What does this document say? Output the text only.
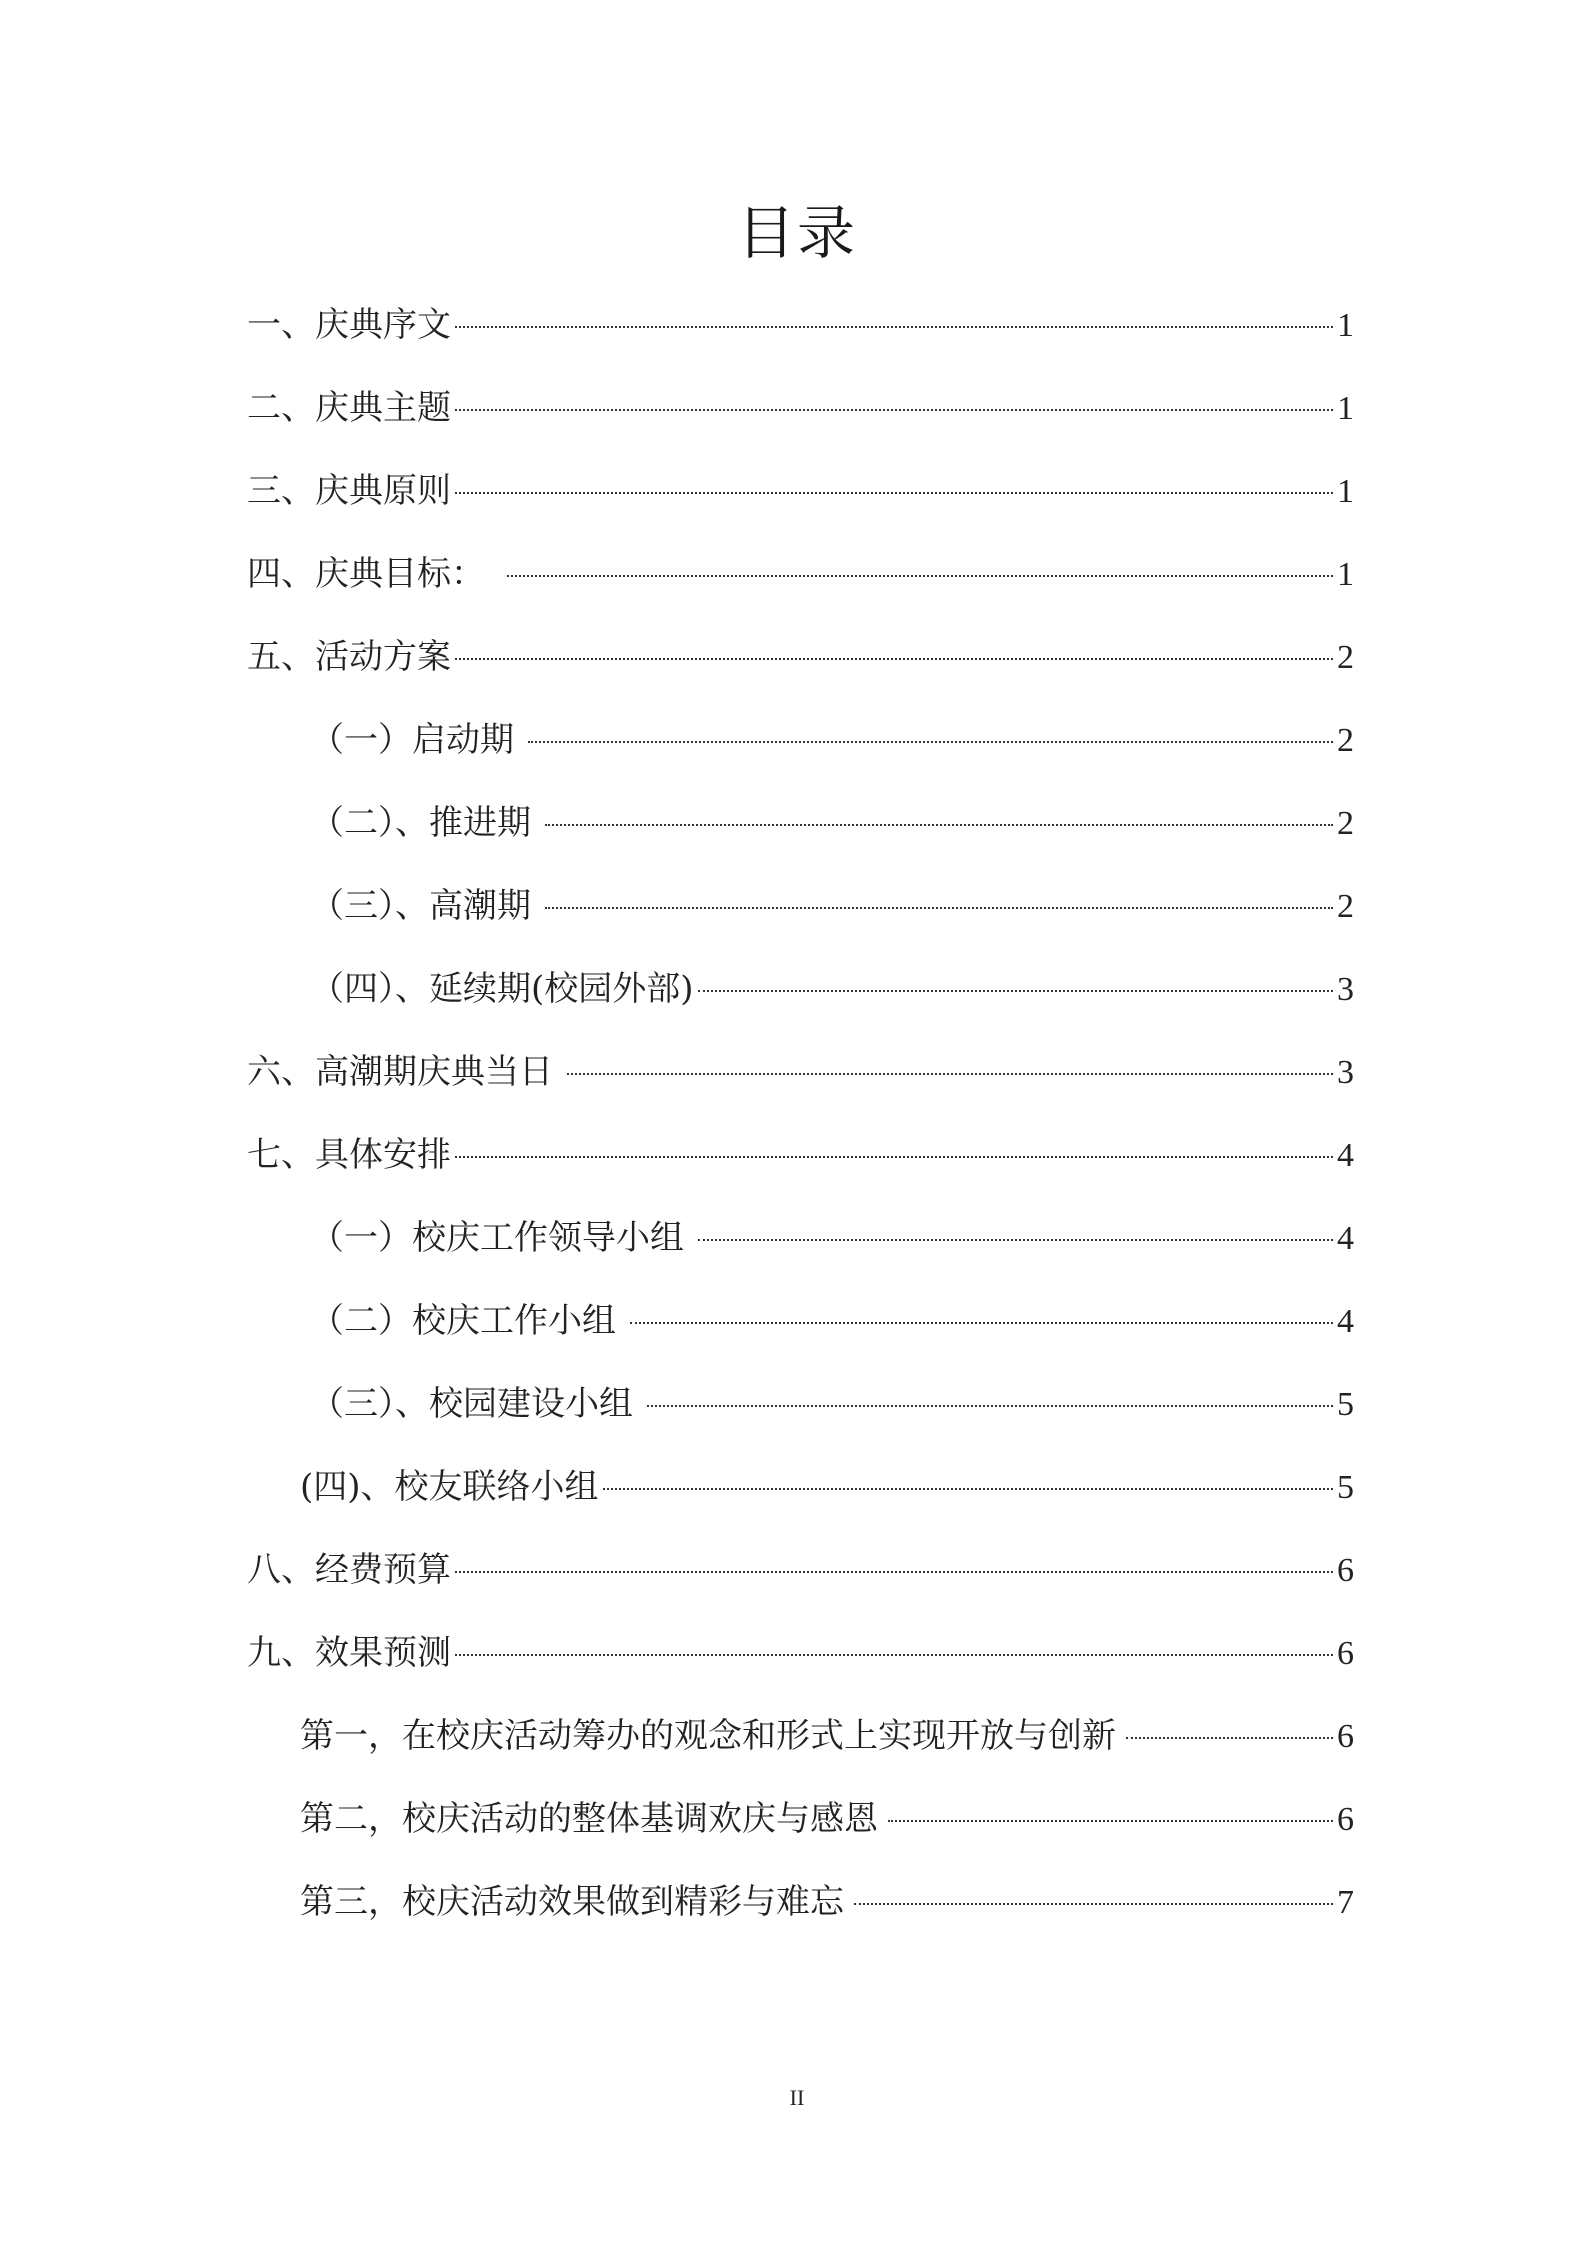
目录
一、庆典序文	1
二、庆典主题	1
三、庆典原则	1
四、庆典目标：	1
五、活动方案	2
（一）启动期	2
（二）、推进期	2
（三）、高潮期	2
（四）、延续期(校园外部)	3
六、高潮期庆典当日	3
七、具体安排	4
（一）校庆工作领导小组	4
（二）校庆工作小组	4
（三）、校园建设小组	5
(四)、校友联络小组	5
八、经费预算	6
九、效果预测	6
第一，在校庆活动筹办的观念和形式上实现开放与创新	6
第二，校庆活动的整体基调欢庆与感恩	6
第三，校庆活动效果做到精彩与难忘	7
II
